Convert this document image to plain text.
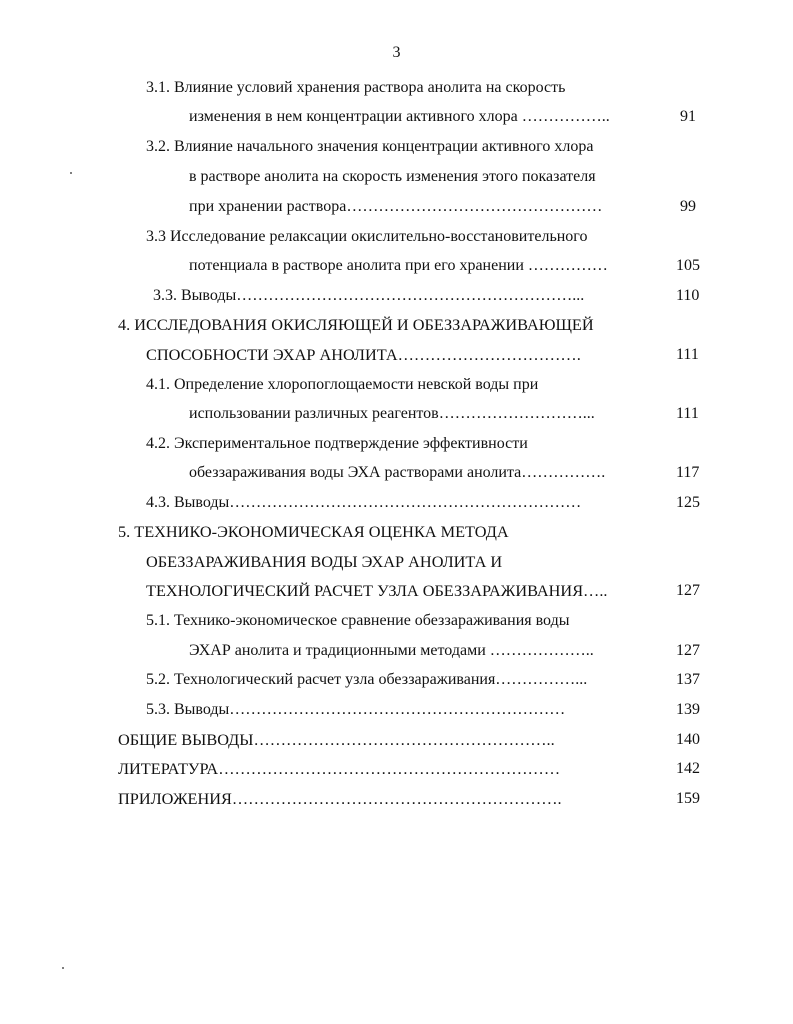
3
3.1. Влияние условий хранения раствора анолита на скорость
изменения в нем концентрации активного хлора ……………..	91
3.2. Влияние начального значения концентрации активного хлора
в растворе анолита на скорость изменения этого показателя
при хранении раствора…………………………………………	99
3.3 Исследование релаксации окислительно-восстановительного
потенциала в растворе анолита при его хранении ……………	105
3.3. Выводы………………………………………………………...	110
4. ИССЛЕДОВАНИЯ ОКИСЛЯЮЩЕЙ И ОБЕЗЗАРАЖИВАЮЩЕЙ
СПОСОБНОСТИ ЭХАР АНОЛИТА…………………………….	111
4.1. Определение хлоропоглощаемости невской воды при
использовании различных реагентов………………………...	111
4.2. Экспериментальное подтверждение эффективности
обеззараживания воды ЭХА растворами анолита…………….	117
4.3. Выводы…………………………………………………………	125
5. ТЕХНИКО-ЭКОНОМИЧЕСКАЯ ОЦЕНКА МЕТОДА
ОБЕЗЗАРАЖИВАНИЯ ВОДЫ ЭХАР АНОЛИТА И
ТЕХНОЛОГИЧЕСКИЙ РАСЧЕТ УЗЛА ОБЕЗЗАРАЖИВАНИЯ…..	127
5.1. Технико-экономическое сравнение обеззараживания воды
ЭХАР анолита и традиционными методами ………………..	127
5.2. Технологический расчет узла обеззараживания……………...	137
5.3. Выводы………………………………………………………	139
ОБЩИЕ ВЫВОДЫ………………………………………………..	140
ЛИТЕРАТУРА………………………………………………………	142
ПРИЛОЖЕНИЯ…………………………………………………….	159
